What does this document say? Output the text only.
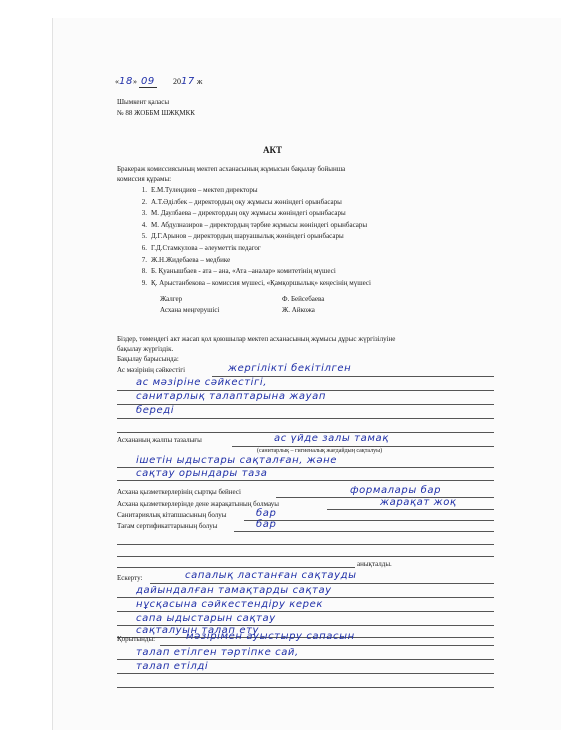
«18» 09 2017 ж
Шымкент қаласы
№ 88 ЖОББМ ШЖҚМКК
АКТ
Бракераж комиссиясының мектеп асханасының жұмысын бақылау бойынша
комиссия құрамы:
1. Е.М.Тулендиев – мектеп директоры
2. А.Т.Әділбек – директордың оқу жұмысы жөніндегі орынбасары
3. М. Даулбаева – директордың оқу жұмысы жөніндегі орынбасары
4. М. Абдулназиров – директордың тәрбие жұмысы жөніндегі орынбасары
5. Д.Г.Арынов – директордың шаруашылық жөніндегі орынбасары
6. Г.Д.Стамкулова – әлеуметтік педагог
7. Ж.Н.Жидебаева – медбике
8. Б. Қуанышбаев - ата – ана, «Ата –аналар» комитетінің мүшесі
9. Қ. Арыстанбекова – комиссия мүшесі, «Қамқоршылық» кеңесінің мүшесі
Жалгер	Ф. Бейсебаева
Асхана меңгерушісі	Ж. Айкожа
Біздер, төмендегі акт жасап қол қоюшылар мектеп асханасының жұмысы дұрыс жүргізілуіне
бақылау жүргіздік.
Бақылау барысында:
Ас мәзірінің сәйкестігі	жергілікті бекітілген
ас мәзіріне сәйкестігі,
санитарлық талаптарына жауап
береді
Асхананың жалпы тазалығы	ас үйде залы тамақ
(санитарлық – гигиеналық жағдайдың сақталуы)
ішетін ыдыстары сақталған, және
сақтау орындары таза
Асхана қызметкерлерінің сыртқы бейнесі	формалары бар
Асхана қызметкерлерінде дене жарақатының болмауы	жарақат жоқ
Санитариялық кітапшасының болуы	бар
Тағам сертификаттарының болуы	бар
анықталды.
Ескерту:	сапалық ластанған сақтауды
дайындалған тамақтарды сақтау
нұсқасына сәйкестендіру керек
сапа ыдыстарын сақтау
сақталуын талап ету
Қорытынды:	мәзірімен ауыстыру сапасын
талап етілген тәртіпке сай,
талап етілді
